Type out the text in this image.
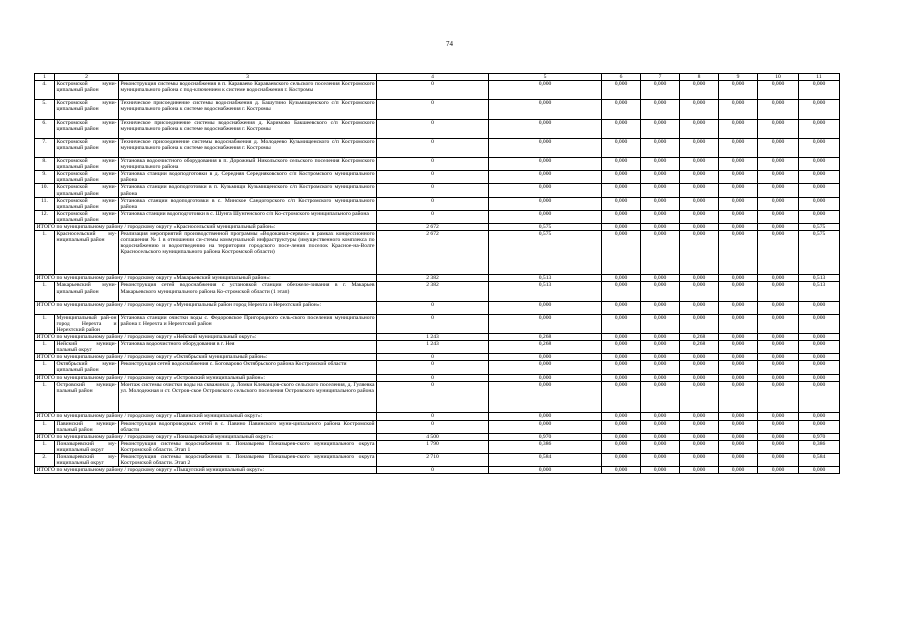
74
1	2	3	4	5	6	7	8	9	10	11
4.	Костромской муни-ципальный район	Реконструкция системы водоснабжения в п. Караваево Караваевского сельского поселения Костромского муниципального района с под-ключением к системе водоснабжения г. Костромы	0	0,000	0,000	0,000	0,000	0,000	0,000	0,000
5.	Костромской муни-ципальный район	Техническое присоединение системы водоснабжения д. Башутино Кузьмищенского с/п Костромского муниципального района к системе водоснабжения г. Костромы	0	0,000	0,000	0,000	0,000	0,000	0,000	0,000
6.	Костромской муни-ципальный район	Техническое присоединение системы водоснабжения д. Каримово Бакшеевского с/п Костромского муниципального района к системе водоснабжения г. Костромы	0	0,000	0,000	0,000	0,000	0,000	0,000	0,000
7.	Костромской муни-ципальный район	Техническое присоединение системы водоснабжения д. Молодеево Кузьмищенского с/п Костромского муниципального района к системе водоснабжения г. Костромы	0	0,000	0,000	0,000	0,000	0,000	0,000	0,000
8.	Костромской муни-ципальный район	Установка водоочистного оборудования в п. Дорожный Никольского сельского поселения Костромского муниципального района	0	0,000	0,000	0,000	0,000	0,000	0,000	0,000
9.	Костромской муни-ципальный район	Установка станции водоподготовки в д. Середняя Середняковского с/п Костромского муниципального района	0	0,000	0,000	0,000	0,000	0,000	0,000	0,000
10.	Костромской муни-ципальный район	Установка станции водоподготовки в п. Кузьмищи Кузьмищенского с/п Костромского муниципального района	0	0,000	0,000	0,000	0,000	0,000	0,000	0,000
11.	Костромской муни-ципальный район	Установка станции водоподготовки в с. Минское Сандогорского с/п Костромского муниципального района	0	0,000	0,000	0,000	0,000	0,000	0,000	0,000
12.	Костромской муни-ципальный район	Установка станции водоподготовки в с. Шунга Шунгенского с/п Ко-стромского муниципального района	0	0,000	0,000	0,000	0,000	0,000	0,000	0,000
ИТОГО по муниципальному району / городскому округу «Красносельский муниципальный район»:			2 672	0,575	0,000	0,000	0,000	0,000	0,000	0,575
1.	Красносельский му-ниципальный район	Реализация мероприятий производственной программы «Водоканал-сервис» в рамках концессионного соглашения № 1 в отношении си-стемы коммунальной инфраструктуры (имущественного комплекса по водоснабжению и водоотведению на территории городского посе-ления поселок Красное-на-Волге Красносельского муниципального района Костромской области)	2 672	0,575	0,000	0,000	0,000	0,000	0,000	0,575
ИТОГО по муниципальному району / городскому округу «Макарьевский муниципальный район»:			2 382	0,513	0,000	0,000	0,000	0,000	0,000	0,513
1.	Макарьевский муни-ципальный район	Реконструкция сетей водоснабжения с установкой станции обезжеле-зивания в г. Макарьев Макарьевского муниципального района Ко-стромской области (1 этап)	2 382	0,513	0,000	0,000	0,000	0,000	0,000	0,513
ИТОГО по муниципальному району / городскому округу «Муниципальный район город Нерехта и Нерехтский район»:			0	0,000	0,000	0,000	0,000	0,000	0,000	0,000
1.	Муниципальный рай-он город Нерехта и Нерехтский район	Установка станции очистки воды с. Федоровское Пригородного сель-ского поселения муниципального района г. Нерехта и Нерехтский район	0	0,000	0,000	0,000	0,000	0,000	0,000	0,000
ИТОГО по муниципальному району / городскому округу «Нейский муниципальный округ»:			1 243	0,268	0,000	0,000	0,268	0,000	0,000	0,000
1.	Нейский муници-пальный округ	Установка водоочистного оборудования в г. Нея	1 243	0,268	0,000	0,000	0,268	0,000	0,000	0,000
ИТОГО по муниципальному району / городскому округу «Октябрьский муниципальный район»:			0	0,000	0,000	0,000	0,000	0,000	0,000	0,000
1.	Октябрьский муни-ципальный район	Реконструкция сетей водоснабжения с. Боговарово Октябрьского района Костромской области	0	0,000	0,000	0,000	0,000	0,000	0,000	0,000
ИТОГО по муниципальному району / городскому округу «Островский муниципальный район»:			0	0,000	0,000	0,000	0,000	0,000	0,000	0,000
1.	Островский муници-пальный район	Монтаж системы очистки воды на скважинах д. Ломки Клеванцов-ского сельского поселения, д. Гуляевка ул. Молодежная и ст. Остров-ское Островского сельского поселения Островского муниципального района	0	0,000	0,000	0,000	0,000	0,000	0,000	0,000
ИТОГО по муниципальному району / городскому округу «Павинский муниципальный округ»:			0	0,000	0,000	0,000	0,000	0,000	0,000	0,000
1.	Павинский муници-пальный район	Реконструкция водопроводных сетей в с. Павино Павинского муни-ципального района Костромской области	0	0,000	0,000	0,000	0,000	0,000	0,000	0,000
ИТОГО по муниципальному району / городскому округу «Поназыревский муниципальный округ»:			4 500	0,970	0,000	0,000	0,000	0,000	0,000	0,970
1.	Поназыревский му-ниципальный округ	Реконструкция системы водоснабжения п. Поназырево Поназырев-ского муниципального округа Костромской области. Этап 1	1 790	0,386	0,000	0,000	0,000	0,000	0,000	0,386
2.	Поназыревский му-ниципальный округ	Реконструкция системы водоснабжения п. Поназырево Поназырев-ского муниципального округа Костромской области. Этап 2	2 710	0,584	0,000	0,000	0,000	0,000	0,000	0,584
ИТОГО по муниципальному району / городскому округу «Пыщугский муниципальный округ»:			0	0,000	0,000	0,000	0,000	0,000	0,000	0,000
